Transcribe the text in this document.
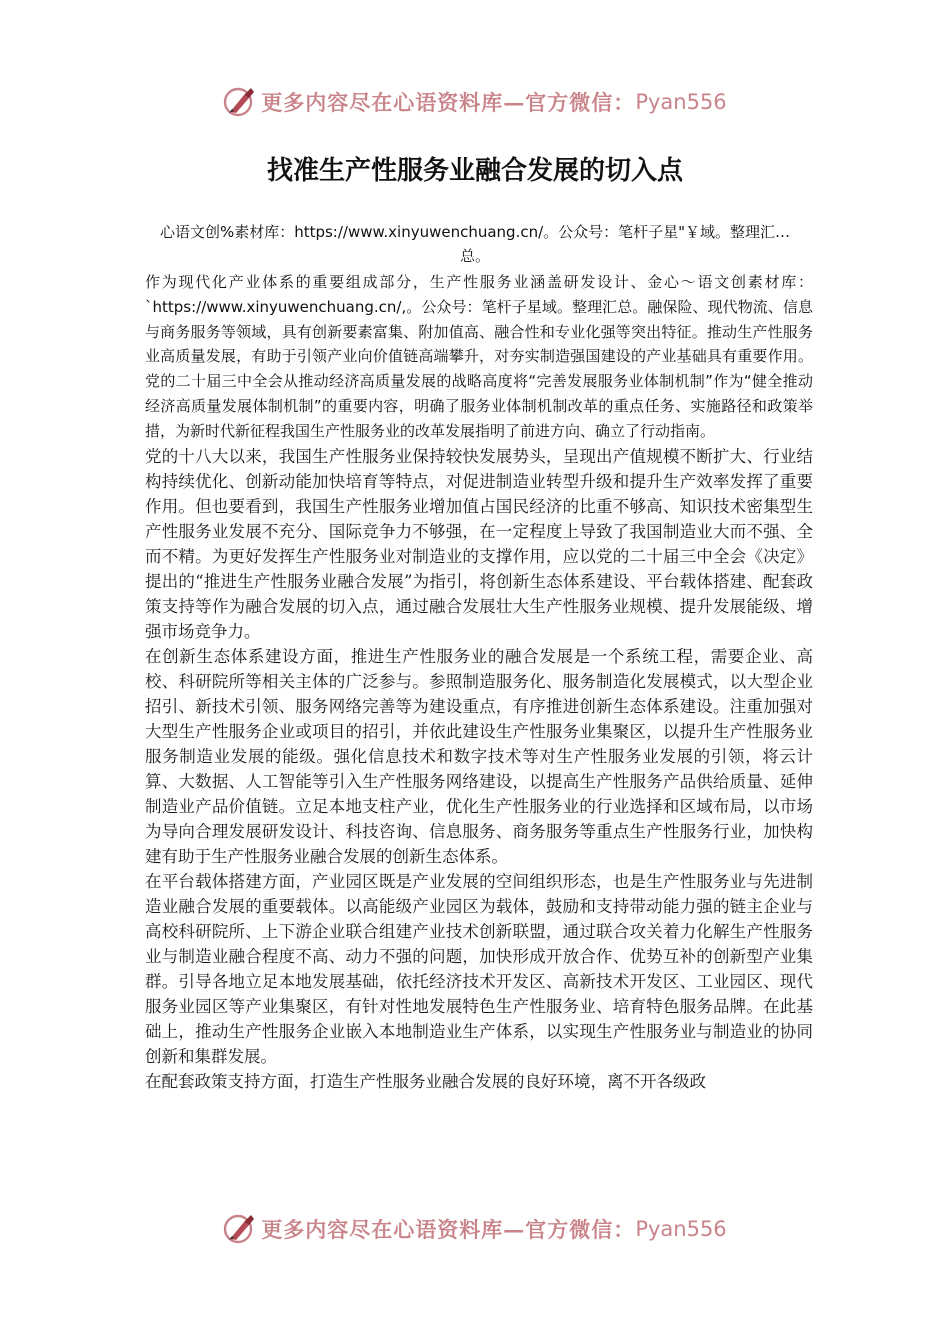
更多内容尽在心语资料库—官方微信： Pyan556
找准生产性服务业融合发展的切入点
心语文创%素材库：https://www.xinyuwenchuang.cn/。公众号：笔杆子星"￥域。整理汇…总。

作为现代化产业体系的重要组成部分，生产性服务业涵盖研发设计、金心～语文创素材库：`https://www.xinyuwenchuang.cn/,。公众号：笔杆子星域。整理汇总。融保险、现代物流、信息与商务服务等领域，具有创新要素富集、附加值高、融合性和专业化强等突出特征。推动生产性服务业高质量发展，有助于引领产业向价值链高端攀升，对夯实制造强国建设的产业基础具有重要作用。党的二十届三中全会从推动经济高质量发展的战略高度将“完善发展服务业体制机制”作为“健全推动经济高质量发展体制机制”的重要内容，明确了服务业体制机制改革的重点任务、实施路径和政策举措，为新时代新征程我国生产性服务业的改革发展指明了前进方向、确立了行动指南。

党的十八大以来，我国生产性服务业保持较快发展势头，呈现出产值规模不断扩大、行业结构持续优化、创新动能加快培育等特点，对促进制造业转型升级和提升生产效率发挥了重要作用。但也要看到，我国生产性服务业增加值占国民经济的比重不够高、知识技术密集型生产性服务业发展不充分、国际竞争力不够强，在一定程度上导致了我国制造业大而不强、全而不精。为更好发挥生产性服务业对制造业的支撑作用，应以党的二十届三中全会《决定》提出的“推进生产性服务业融合发展”为指引，将创新生态体系建设、平台载体搭建、配套政策支持等作为融合发展的切入点，通过融合发展壮大生产性服务业规模、提升发展能级、增强市场竞争力。

在创新生态体系建设方面，推进生产性服务业的融合发展是一个系统工程，需要企业、高校、科研院所等相关主体的广泛参与。参照制造服务化、服务制造化发展模式，以大型企业招引、新技术引领、服务网络完善等为建设重点，有序推进创新生态体系建设。注重加强对大型生产性服务企业或项目的招引，并依此建设生产性服务业集聚区，以提升生产性服务业服务制造业发展的能级。强化信息技术和数字技术等对生产性服务业发展的引领，将云计算、大数据、人工智能等引入生产性服务网络建设，以提高生产性服务产品供给质量、延伸制造业产品价值链。立足本地支柱产业，优化生产性服务业的行业选择和区域布局，以市场为导向合理发展研发设计、科技咨询、信息服务、商务服务等重点生产性服务行业，加快构建有助于生产性服务业融合发展的创新生态体系。

在平台载体搭建方面，产业园区既是产业发展的空间组织形态，也是生产性服务业与先进制造业融合发展的重要载体。以高能级产业园区为载体，鼓励和支持带动能力强的链主企业与高校科研院所、上下游企业联合组建产业技术创新联盟，通过联合攻关着力化解生产性服务业与制造业融合程度不高、动力不强的问题，加快形成开放合作、优势互补的创新型产业集群。引导各地立足本地发展基础，依托经济技术开发区、高新技术开发区、工业园区、现代服务业园区等产业集聚区，有针对性地发展特色生产性服务业、培育特色服务品牌。在此基础上，推动生产性服务企业嵌入本地制造业生产体系，以实现生产性服务业与制造业的协同创新和集群发展。

在配套政策支持方面，打造生产性服务业融合发展的良好环境，离不开各级政

更多内容尽在心语资料库—官方微信： Pyan556
